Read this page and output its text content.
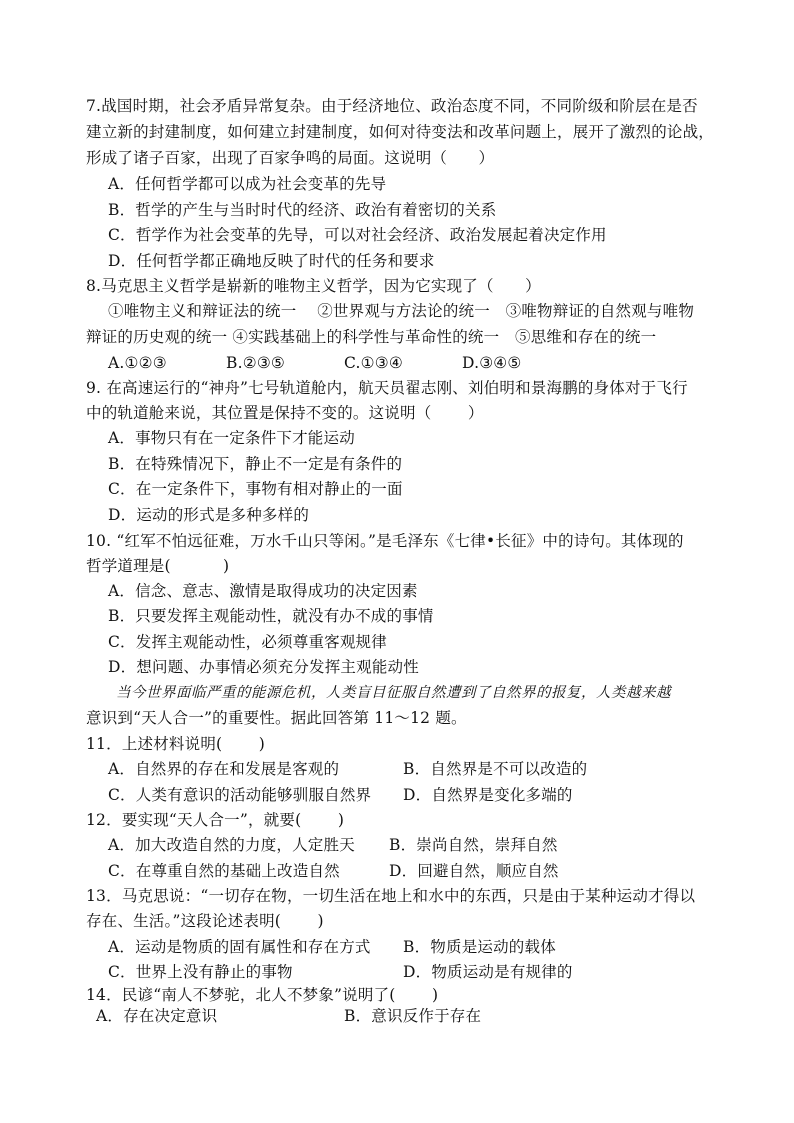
7.战国时期，社会矛盾异常复杂。由于经济地位、政治态度不同，不同阶级和阶层在是否
建立新的封建制度，如何建立封建制度，如何对待变法和改革问题上，展开了激烈的论战，
形成了诸子百家，出现了百家争鸣的局面。这说明（　　）
A．任何哲学都可以成为社会变革的先导
B．哲学的产生与当时时代的经济、政治有着密切的关系
C．哲学作为社会变革的先导，可以对社会经济、政治发展起着决定作用
D．任何哲学都正确地反映了时代的任务和要求
8.马克思主义哲学是崭新的唯物主义哲学，因为它实现了（　　）
①唯物主义和辩证法的统一　 ②世界观与方法论的统一　③唯物辩证的自然观与唯物
辩证的历史观的统一 ④实践基础上的科学性与革命性的统一　⑤思维和存在的统一
A.①②③	B.②③⑤	C.①③④	D.③④⑤
9. 在高速运行的“神舟”七号轨道舱内，航天员翟志刚、刘伯明和景海鹏的身体对于飞行
中的轨道舱来说，其位置是保持不变的。这说明（　　 ）
A．事物只有在一定条件下才能运动
B．在特殊情况下，静止不一定是有条件的
C．在一定条件下，事物有相对静止的一面
D．运动的形式是多种多样的
10. “红军不怕远征难，万水千山只等闲。”是毛泽东《七律•长征》中的诗句。其体现的
哲学道理是(　　　 )
A．信念、意志、激情是取得成功的决定因素
B．只要发挥主观能动性，就没有办不成的事情
C．发挥主观能动性，必须尊重客观规律
D．想问题、办事情必须充分发挥主观能动性
当今世界面临严重的能源危机，人类盲目征服自然遭到了自然界的报复，人类越来越
意识到“天人合一”的重要性。据此回答第 11～12 题。
11．上述材料说明(　　 )
A．自然界的存在和发展是客观的	B．自然界是不可以改造的
C．人类有意识的活动能够驯服自然界 D．自然界是变化多端的
12．要实现“天人合一”，就要(　　 )
A．加大改造自然的力度，人定胜天 B．崇尚自然，崇拜自然
C．在尊重自然的基础上改造自然	D．回避自然，顺应自然
13．马克思说：“一切存在物，一切生活在地上和水中的东西，只是由于某种运动才得以
存在、生活。”这段论述表明(　　 )
A．运动是物质的固有属性和存在方式 B．物质是运动的载体
C．世界上没有静止的事物	D．物质运动是有规律的
14．民谚“南人不梦驼，北人不梦象”说明了(　　 )
A．存在决定意识	B．意识反作于存在
